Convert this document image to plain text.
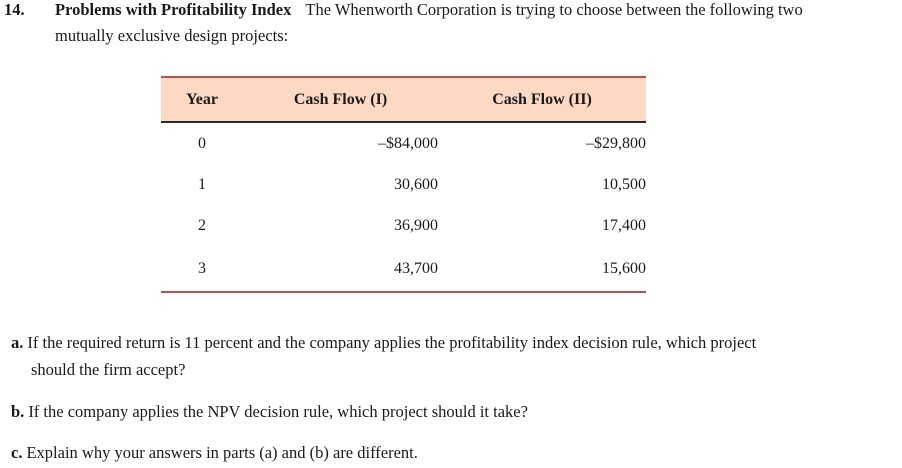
14. Problems with Profitability Index The Whenworth Corporation is trying to choose between the following two
mutually exclusive design projects:
Year	Cash Flow (I)	Cash Flow (II)
0	–$84,000	–$29,800
1	30,600	10,500
2	36,900	17,400
3	43,700	15,600
a. If the required return is 11 percent and the company applies the profitability index decision rule, which project
should the firm accept?
b. If the company applies the NPV decision rule, which project should it take?
c. Explain why your answers in parts (a) and (b) are different.
